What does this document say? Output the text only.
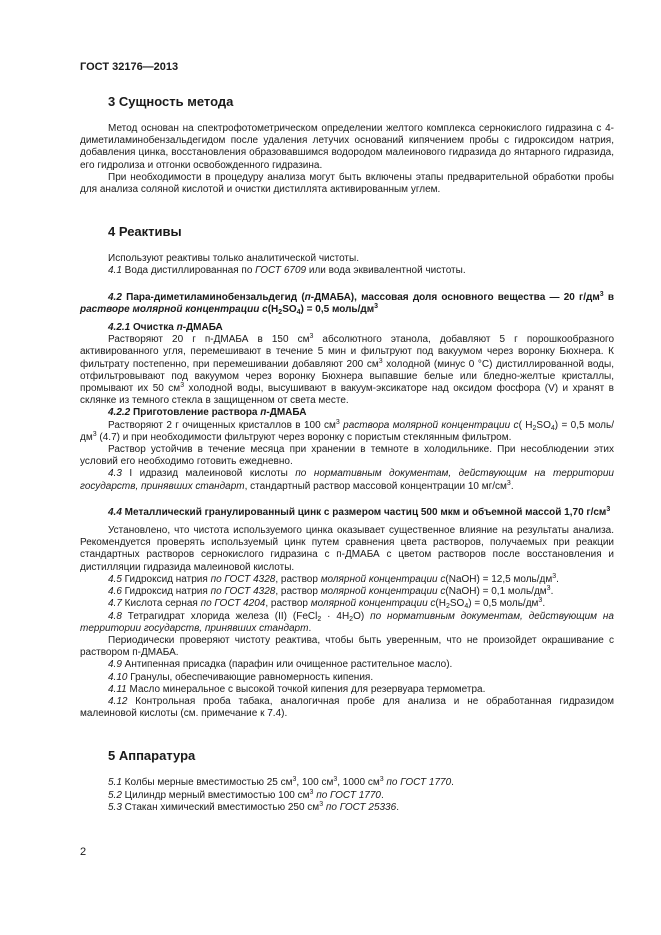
ГОСТ 32176—2013
3 Сущность метода

Метод основан на спектрофотометрическом определении желтого комплекса сернокислого гидразина с 4-диметиламинобензальдегидом после удаления летучих оснований кипячением пробы с гидроксидом натрия, добавления цинка, восстановления образовавшимся водородом малеинового гидразида до янтарного гидразида, его гидролиза и отгонки освобожденного гидразина.

При необходимости в процедуру анализа могут быть включены этапы предварительной обработки пробы для анализа соляной кислотой и очистки дистиллята активированным углем.

4 Реактивы

Используют реактивы только аналитической чистоты.

4.1 Вода дистиллированная по ГОСТ 6709 или вода эквивалентной чистоты.

4.2 Пара-диметиламинобензальдегид (п-ДМАБА), массовая доля основного вещества — 20 $г/дм^3$ в растворе молярной концентрации $с(H_2SO_4) = 0,5$ моль/$дм^3$

4.2.1 Очистка п-ДМАБА

Растворяют 20 г п-ДМАБА в 150 $см^3$ абсолютного этанола, добавляют 5 г порошкообразного активированного угля, перемешивают в течение 5 мин и фильтруют под вакуумом через воронку Бюхнера. К фильтрату постепенно, при перемешивании добавляют 200 $см^3$ холодной (минус 0 °С) дистиллированной воды, отфильтровывают под вакуумом через воронку Бюхнера выпавшие белые или бледно-желтые кристаллы, промывают их 50 $см^3$ холодной воды, высушивают в вакуум-эксикаторе над оксидом фосфора (V) и хранят в склянке из темного стекла в защищенном от света месте.

4.2.2 Приготовление раствора п-ДМАБА

Растворяют 2 г очищенных кристаллов в 100 $см^3$ раствора молярной концентрации с( $H_2SO_4) = 0,5$ моль/$дм^3$ (4.7) и при необходимости фильтруют через воронку с пористым стеклянным фильтром.

Раствор устойчив в течение месяца при хранении в темноте в холодильнике. При несоблюдении этих условий его необходимо готовить ежедневно.

4.3 I идразид малеиновой кислоты по нормативным документам, действующим на территории государств, принявших стандарт, стандартный раствор массовой концентрации 10 $мг/см^3$.

4.4 Металлический гранулированный цинк с размером частиц 500 мкм и объемной массой 1,70 $г/см^3$

Установлено, что чистота используемого цинка оказывает существенное влияние на результаты анализа. Рекомендуется проверять используемый цинк путем сравнения цвета растворов, получаемых при реакции стандартных растворов сернокислого гидразина с п-ДМАБА с цветом растворов после восстановления и дистилляции гидразида малеиновой кислоты.

4.5 Гидроксид натрия по ГОСТ 4328, раствор молярной концентрации с(NaOH) = 12,5 моль/$дм^3$.

4.6 Гидроксид натрия по ГОСТ 4328, раствор молярной концентрации с(NaOH) = 0,1 моль/$дм^3$.

4.7 Кислота серная по ГОСТ 4204, раствор молярной концентрации $с(H_2SO_4) = 0,5$ моль/$дм^3$.

4.8 Тетрагидрат хлорида железа (II) (FeCl$_2$ · $4H_2O$) по нормативным документам, действующим на территории государств, принявших стандарт.

Периодически проверяют чистоту реактива, чтобы быть уверенным, что не произойдет окрашивание с раствором п-ДМАБА.

4.9 Антипенная присадка (парафин или очищенное растительное масло).

4.10 Гранулы, обеспечивающие равномерность кипения.

4.11 Масло минеральное с высокой точкой кипения для резервуара термометра.

4.12 Контрольная проба табака, аналогичная пробе для анализа и не обработанная гидразидом малеиновой кислоты (см. примечание к 7.4).

5 Аппаратура

5.1 Колбы мерные вместимостью 25 $см^3$, 100 $см^3$, 1000 $см^3$ по ГОСТ 1770.

5.2 Цилиндр мерный вместимостью 100 $см^3$ по ГОСТ 1770.

5.3 Стакан химический вместимостью 250 $см^3$ по ГОСТ 25336.

2
